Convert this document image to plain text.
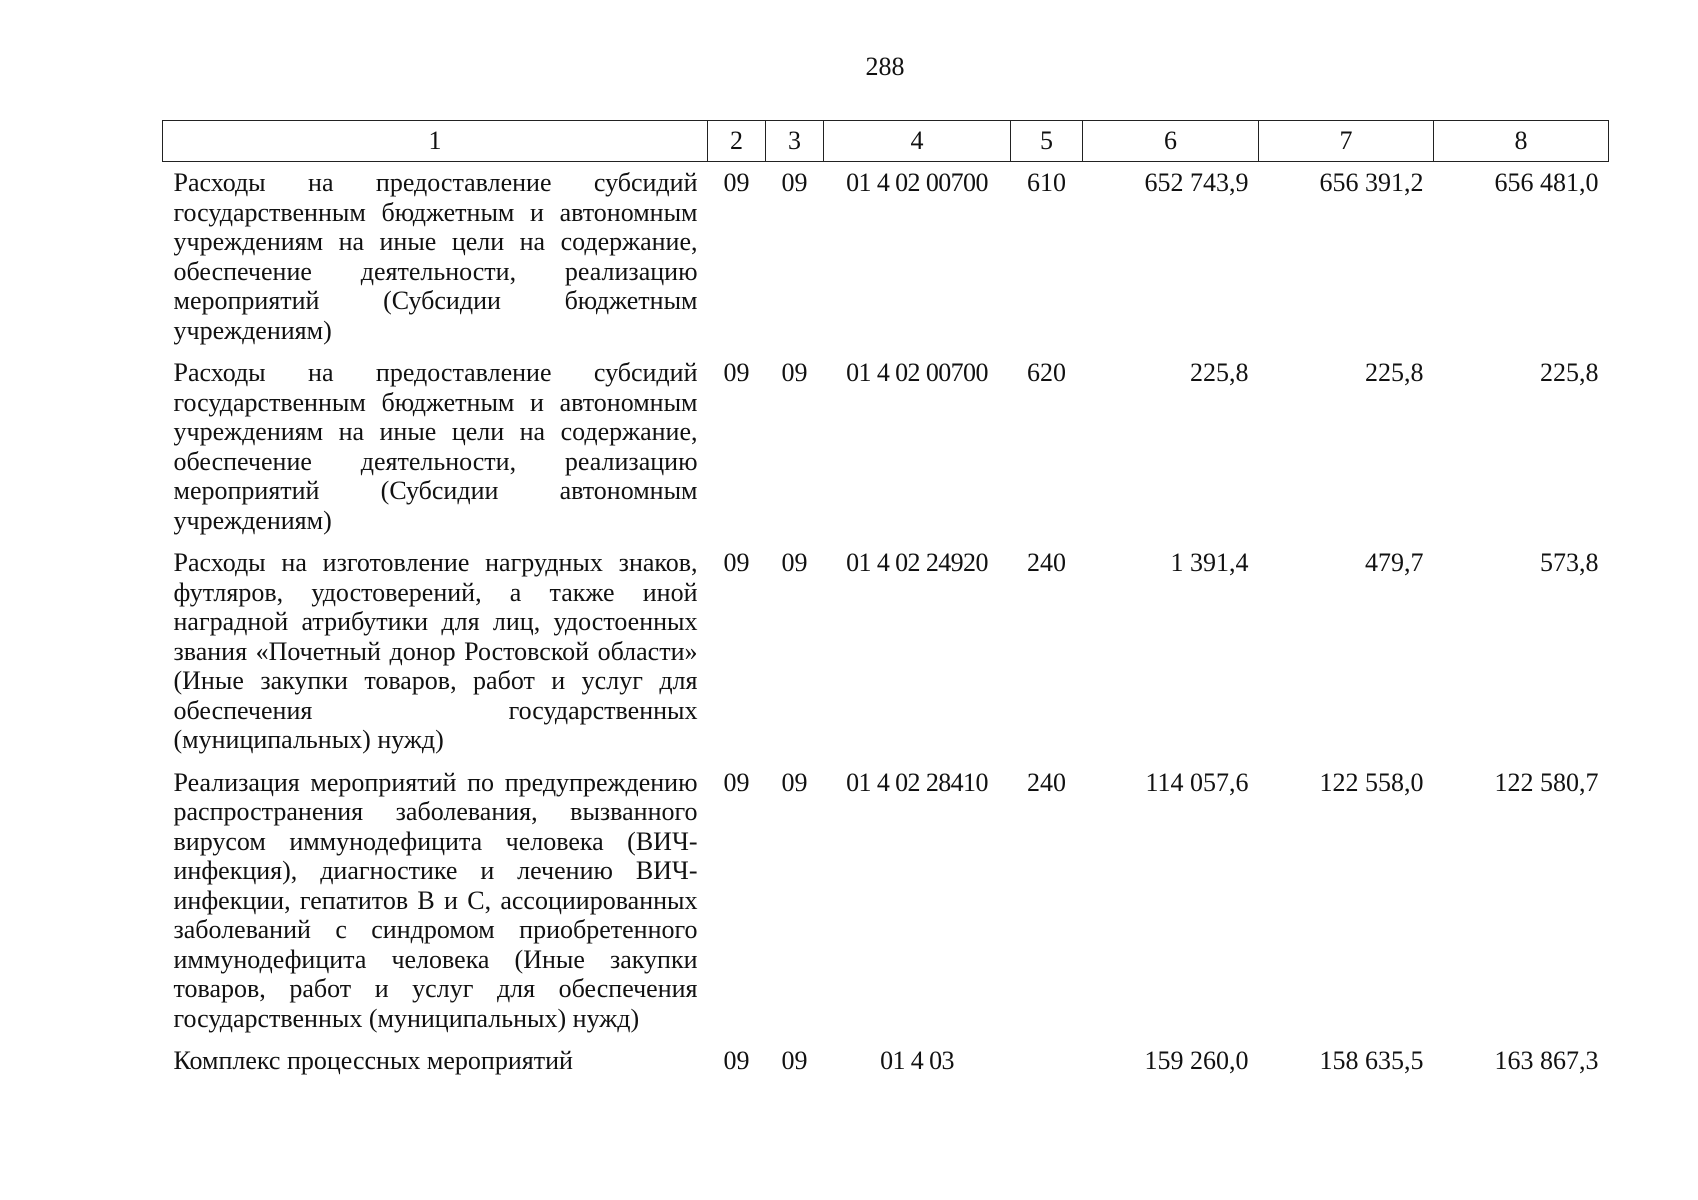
288
1	2	3	4	5	6	7	8
Расходы на предоставление субсидий государственным бюджетным и автономным учреждениям на иные цели на содержание, обеспечение деятельности, реализацию мероприятий (Субсидии бюджетным учреждениям)	09	09	01 4 02 00700	610	652 743,9	656 391,2	656 481,0
Расходы на предоставление субсидий государственным бюджетным и автономным учреждениям на иные цели на содержание, обеспечение деятельности, реализацию мероприятий (Субсидии автономным учреждениям)	09	09	01 4 02 00700	620	225,8	225,8	225,8
Расходы на изготовление нагрудных знаков, футляров, удостоверений, а также иной наградной атрибутики для лиц, удостоенных звания «Почетный донор Ростовской области» (Иные закупки товаров, работ и услуг для обеспечения государственных (муниципальных) нужд)	09	09	01 4 02 24920	240	1 391,4	479,7	573,8
Реализация мероприятий по предупреждению распространения заболевания, вызванного вирусом иммунодефицита человека (ВИЧ-инфекция), диагностике и лечению ВИЧ-инфекции, гепатитов В и С, ассоциированных заболеваний с синдромом приобретенного иммунодефицита человека (Иные закупки товаров, работ и услуг для обеспечения государственных (муниципальных) нужд)	09	09	01 4 02 28410	240	114 057,6	122 558,0	122 580,7
Комплекс процессных мероприятий	09	09	01 4 03		159 260,0	158 635,5	163 867,3
